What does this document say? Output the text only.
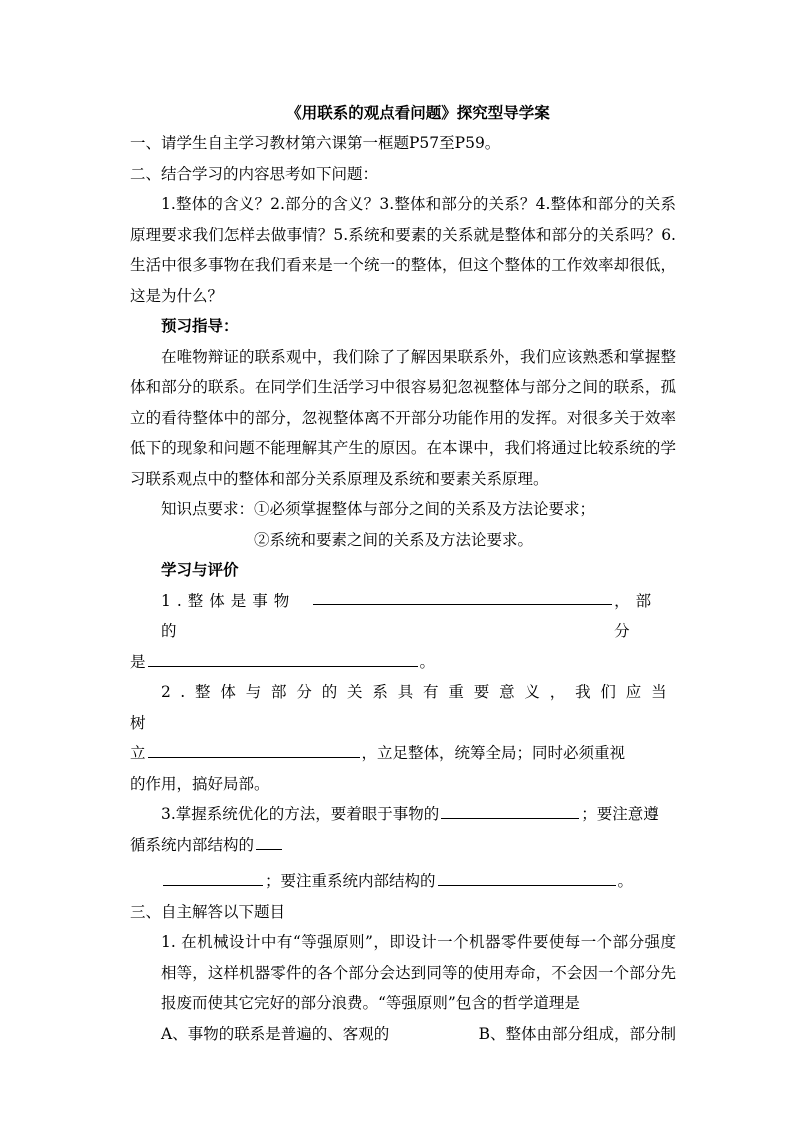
《用联系的观点看问题》探究型导学案

一、请学生自主学习教材第六课第一框题P57至P59。

二、结合学习的内容思考如下问题：

1.整体的含义？2.部分的含义？3.整体和部分的关系？4.整体和部分的关系原理要求我们怎样去做事情？5.系统和要素的关系就是整体和部分的关系吗？6.生活中很多事物在我们看来是一个统一的整体，但这个整体的工作效率却很低，这是为什么？

预习指导：

在唯物辩证的联系观中，我们除了了解因果联系外，我们应该熟悉和掌握整体和部分的联系。在同学们生活学习中很容易犯忽视整体与部分之间的联系，孤立的看待整体中的部分，忽视整体离不开部分功能作用的发挥。对很多关于效率低下的现象和问题不能理解其产生的原因。在本课中，我们将通过比较系统的学习联系观点中的整体和部分关系原理及系统和要素关系原理。

知识点要求：①必须掌握整体与部分之间的关系及方法论要求；

②系统和要素之间的关系及方法论要求。

学习与评价

1.整体是事物的
，部分

是	。

2.整体与部分的关系具有重要意义，我们应当树

立	，立足整体，统筹全局；同时必须重视

的作用，搞好局部。

3.掌握系统优化的方法，要着眼于事物的	；要注意遵

循系统内部结构的

；要注重系统内部结构的	。

三、自主解答以下题目

1. 在机械设计中有“等强原则”，即设计一个机器零件要使每一个部分强度相等，这样机器零件的各个部分会达到同等的使用寿命，不会因一个部分先报废而使其它完好的部分浪费。“等强原则”包含的哲学道理是

A、事物的联系是普遍的、客观的	B、整体由部分组成，部分制
